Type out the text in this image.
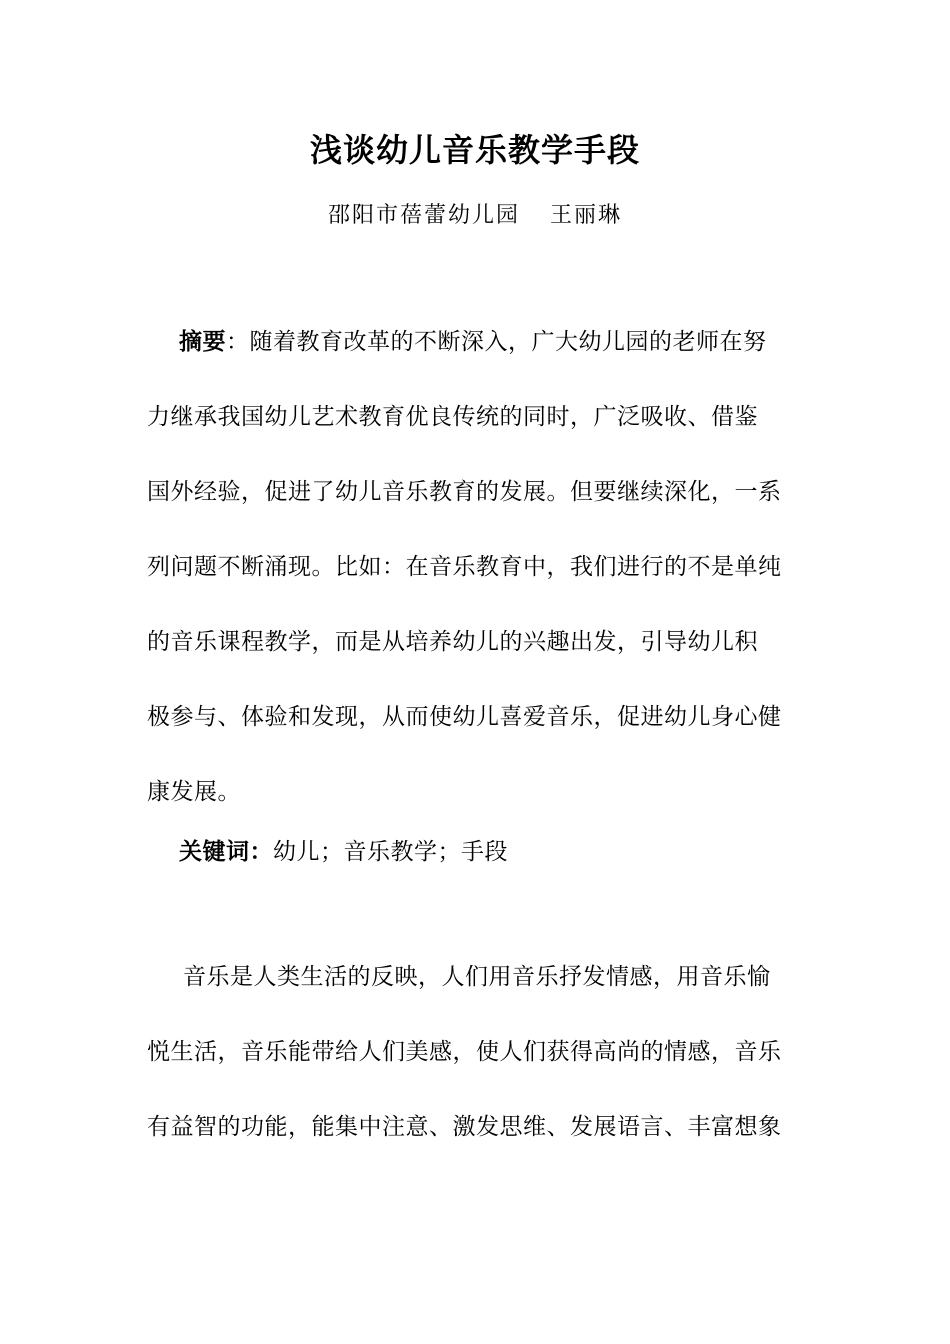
浅谈幼儿音乐教学手段
邵阳市蓓蕾幼儿园 王丽琳
摘要：随着教育改革的不断深入，广大幼儿园的老师在努
力继承我国幼儿艺术教育优良传统的同时，广泛吸收、借鉴
国外经验，促进了幼儿音乐教育的发展。但要继续深化，一系
列问题不断涌现。比如：在音乐教育中，我们进行的不是单纯
的音乐课程教学，而是从培养幼儿的兴趣出发，引导幼儿积
极参与、体验和发现，从而使幼儿喜爱音乐，促进幼儿身心健
康发展。
关键词：幼儿；音乐教学；手段
音乐是人类生活的反映，人们用音乐抒发情感，用音乐愉
悦生活，音乐能带给人们美感，使人们获得高尚的情感，音乐
有益智的功能，能集中注意、激发思维、发展语言、丰富想象
